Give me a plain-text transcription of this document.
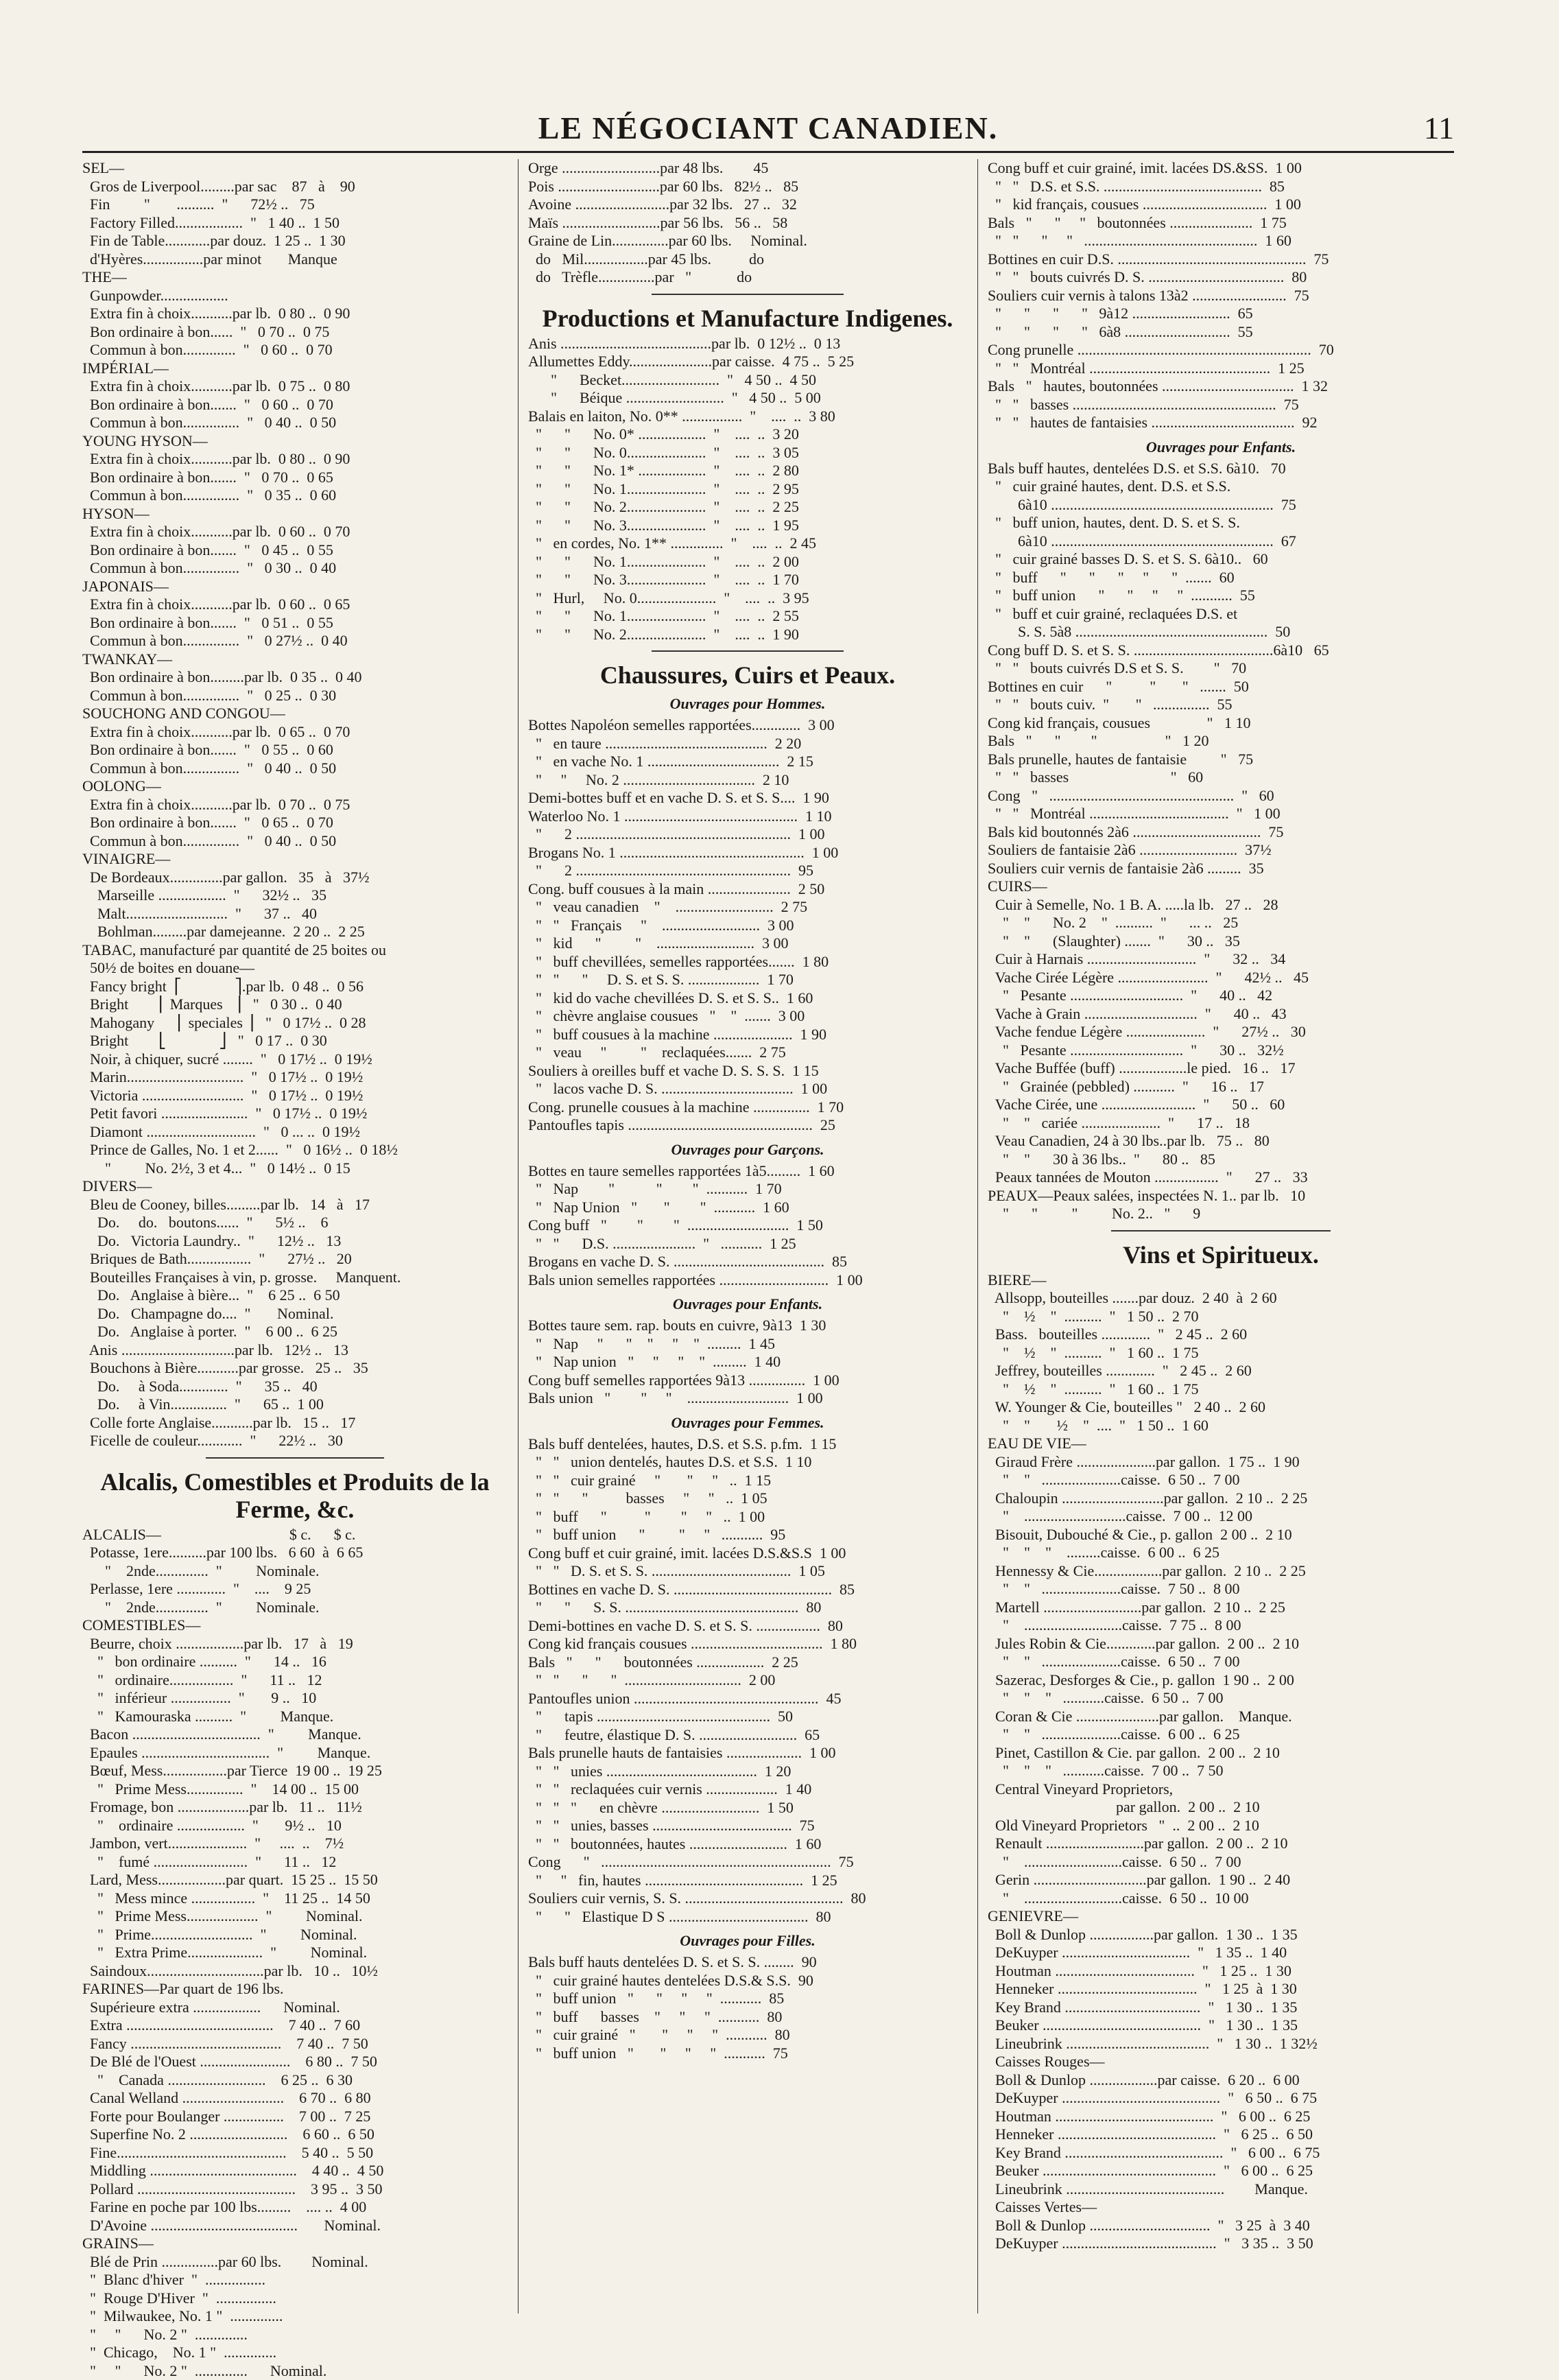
LE NÉGOCIANT CANADIEN.	11
SEL—
Gros de Liverpool.........par sac    87   à    90
Fin         "       ..........  "      72½ ..   75
Factory Filled..................  "   1 40 ..  1 50
Fin de Table............par douz.  1 25 ..  1 30
d'Hyères................par minot       Manque
THE—
Gunpowder..................
Extra fin à choix...........par lb.  0 80 ..  0 90
Bon ordinaire à bon......  "   0 70 ..  0 75
Commun à bon..............  "   0 60 ..  0 70
IMPÉRIAL—
Extra fin à choix...........par lb.  0 75 ..  0 80
Bon ordinaire à bon.......  "   0 60 ..  0 70
Commun à bon...............  "   0 40 ..  0 50
YOUNG HYSON—
Extra fin à choix...........par lb.  0 80 ..  0 90
Bon ordinaire à bon.......  "   0 70 ..  0 65
Commun à bon...............  "   0 35 ..  0 60
HYSON—
Extra fin à choix...........par lb.  0 60 ..  0 70
Bon ordinaire à bon.......  "   0 45 ..  0 55
Commun à bon...............  "   0 30 ..  0 40
JAPONAIS—
Extra fin à choix...........par lb.  0 60 ..  0 65
Bon ordinaire à bon.......  "   0 51 ..  0 55
Commun à bon...............  "   0 27½ ..  0 40
TWANKAY—
Bon ordinaire à bon.........par lb.  0 35 ..  0 40
Commun à bon...............  "   0 25 ..  0 30
SOUCHONG AND CONGOU—
Extra fin à choix...........par lb.  0 65 ..  0 70
Bon ordinaire à bon.......  "   0 55 ..  0 60
Commun à bon...............  "   0 40 ..  0 50
OOLONG—
Extra fin à choix...........par lb.  0 70 ..  0 75
Bon ordinaire à bon.......  "   0 65 ..  0 70
Commun à bon...............  "   0 40 ..  0 50
VINAIGRE—
De Bordeaux..............par gallon.   35   à   37½
Marseille ..................  "      32½ ..   35
Malt...........................  "      37 ..   40
Bohlman.........par damejeanne.  2 20 ..  2 25
TABAC, manufacturé par quantité de 25 boites ou
50½ de boites en douane—
Fancy bright  ⎡              ⎤.par lb.  0 48 ..  0 56
Bright        ⎢ Marques   ⎥   "   0 30 ..  0 40
Mahogany      ⎢ speciales ⎥   "   0 17½ ..  0 28
Bright        ⎣              ⎦   "   0 17 ..  0 30
Noir, à chiquer, sucré ........  "   0 17½ ..  0 19½
Marin...............................  "   0 17½ ..  0 19½
Victoria ...........................  "   0 17½ ..  0 19½
Petit favori .......................  "   0 17½ ..  0 19½
Diamont .............................  "   0 ... ..  0 19½
Prince de Galles, No. 1 et 2......  "   0 16½ ..  0 18½
"         No. 2½, 3 et 4...  "   0 14½ ..  0 15
DIVERS—
Bleu de Cooney, billes.........par lb.   14   à   17
Do.     do.   boutons......  "      5½ ..    6
Do.   Victoria Laundry..  "      12½ ..   13
Briques de Bath.................  "      27½ ..   20
Bouteilles Françaises à vin, p. grosse.     Manquent.
Do.   Anglaise à bière...  "    6 25 ..  6 50
Do.   Champagne do....  "       Nominal.
Do.   Anglaise à porter.  "    6 00 ..  6 25
Anis ..............................par lb.   12½ ..   13
Bouchons à Bière...........par grosse.   25 ..   35
Do.     à Soda.............  "      35 ..   40
Do.     à Vin...............  "      65 ..  1 00
Colle forte Anglaise...........par lb.   15 ..   17
Ficelle de couleur............  "      22½ ..   30
Alcalis, Comestibles et Produits de la Ferme, &c.
ALCALIS—                                  $ c.      $ c.
Potasse, 1ere..........par 100 lbs.   6 60  à  6 65
"    2nde..............  "         Nominale.
Perlasse, 1ere .............  "    ....    9 25
"    2nde..............  "         Nominale.
COMESTIBLES—
Beurre, choix ..................par lb.   17   à   19
"   bon ordinaire ..........  "      14 ..   16
"   ordinaire.................  "      11 ..   12
"   inférieur ................  "       9 ..   10
"   Kamouraska ..........  "         Manque.
Bacon ..................................  "         Manque.
Epaules ..................................  "         Manque.
Bœuf, Mess.................par Tierce  19 00 ..  19 25
"   Prime Mess...............  "    14 00 ..  15 00
Fromage, bon ...................par lb.   11 ..   11½
"    ordinaire ..................  "       9½ ..   10
Jambon, vert.....................  "     ....  ..    7½
"    fumé .........................  "      11 ..   12
Lard, Mess..................par quart.  15 25 ..  15 50
"   Mess mince .................  "    11 25 ..  14 50
"   Prime Mess...................  "         Nominal.
"   Prime...........................  "         Nominal.
"   Extra Prime....................  "         Nominal.
Saindoux...............................par lb.   10 ..   10½
FARINES—Par quart de 196 lbs.
Supérieure extra ..................      Nominal.
Extra .......................................    7 40 ..  7 60
Fancy ........................................    7 40 ..  7 50
De Blé de l'Ouest ........................    6 80 ..  7 50
"    Canada ..........................    6 25 ..  6 30
Canal Welland ...........................    6 70 ..  6 80
Forte pour Boulanger ................    7 00 ..  7 25
Superfine No. 2 ..........................    6 60 ..  6 50
Fine.............................................    5 40 ..  5 50
Middling .......................................    4 40 ..  4 50
Pollard ..........................................    3 95 ..  3 50
Farine en poche par 100 lbs.........    .... ..  4 00
D'Avoine .......................................       Nominal.
GRAINS—
Blé de Prin ...............par 60 lbs.        Nominal.
"  Blanc d'hiver  "  ................
"  Rouge D'Hiver  "  ................
"  Milwaukee, No. 1 "  ..............
"     "      No. 2 "  ..............
"  Chicago,    No. 1 "  ..............
"     "      No. 2 "  ..............      Nominal.
Orge ..........................par 48 lbs.        45
Pois ...........................par 60 lbs.   82½ ..   85
Avoine .........................par 32 lbs.   27 ..   32
Maïs ..........................par 56 lbs.   56 ..   58
Graine de Lin...............par 60 lbs.     Nominal.
do   Mil.................par 45 lbs.          do
do   Trèfle...............par   "            do
Productions et Manufacture Indigenes.
Anis ........................................par lb.  0 12½ ..  0 13
Allumettes Eddy......................par caisse.  4 75 ..  5 25
"      Becket..........................  "   4 50 ..  4 50
"      Béique ..........................  "   4 50 ..  5 00
Balais en laiton, No. 0** ................  "    ....  ..  3 80
"      "      No. 0* ..................  "    ....  ..  3 20
"      "      No. 0.....................  "    ....  ..  3 05
"      "      No. 1* ..................  "    ....  ..  2 80
"      "      No. 1.....................  "    ....  ..  2 95
"      "      No. 2.....................  "    ....  ..  2 25
"      "      No. 3.....................  "    ....  ..  1 95
"   en cordes, No. 1** ..............  "    ....  ..  2 45
"      "      No. 1.....................  "    ....  ..  2 00
"      "      No. 3.....................  "    ....  ..  1 70
"   Hurl,     No. 0.....................  "    ....  ..  3 95
"      "      No. 1.....................  "    ....  ..  2 55
"      "      No. 2.....................  "    ....  ..  1 90
Chaussures, Cuirs et Peaux.
Ouvrages pour Hommes.
Bottes Napoléon semelles rapportées.............  3 00
"   en taure ...........................................  2 20
"   en vache No. 1 ...................................  2 15
"     "     No. 2 ...................................  2 10
Demi-bottes buff et en vache D. S. et S. S....  1 90
Waterloo No. 1 ..............................................  1 10
"      2 .........................................................  1 00
Brogans No. 1 .................................................  1 00
"      2 .........................................................  95
Cong. buff cousues à la main ......................  2 50
"   veau canadien    "    ..........................  2 75
"   "   Français     "    ..........................  3 00
"   kid      "         "    ..........................  3 00
"   buff chevillées, semelles rapportées.......  1 80
"   "      "     D. S. et S. S. ...................  1 70
"   kid do vache chevillées D. S. et S. S..  1 60
"   chèvre anglaise cousues   "    "  .......  3 00
"   buff cousues à la machine .....................  1 90
"   veau     "         "    reclaquées.......  2 75
Souliers à oreilles buff et vache D. S. S. S.  1 15
"   lacos vache D. S. ...................................  1 00
Cong. prunelle cousues à la machine ...............  1 70
Pantoufles tapis .................................................  25
Ouvrages pour Garçons.
Bottes en taure semelles rapportées 1à5.........  1 60
"   Nap        "           "        "  ...........  1 70
"   Nap Union   "       "        "  ...........  1 60
Cong buff   "        "        "  ...........................  1 50
"   "      D.S. ......................  "   ...........  1 25
Brogans en vache D. S. ........................................  85
Bals union semelles rapportées .............................  1 00
Ouvrages pour Enfants.
Bottes taure sem. rap. bouts en cuivre, 9à13  1 30
"   Nap     "      "    "     "    "  .........  1 45
"   Nap union   "     "     "    "  .........  1 40
Cong buff semelles rapportées 9à13 ...............  1 00
Bals union   "        "     "    ...........................  1 00
Ouvrages pour Femmes.
Bals buff dentelées, hautes, D.S. et S.S. p.fm.  1 15
"   "   union dentelés, hautes D.S. et S.S.  1 10
"   "   cuir grainé     "       "     "   ..  1 15
"   "      "          basses     "     "   ..  1 05
"   buff      "          "        "     "   ..  1 00
"   buff union      "         "     "   ...........  95
Cong buff et cuir grainé, imit. lacées D.S.&S.S  1 00
"   "   D. S. et S. S. .....................................  1 05
Bottines en vache D. S. ..........................................  85
"      "      S. S. ..............................................  80
Demi-bottines en vache D. S. et S. S. .................  80
Cong kid français cousues ...................................  1 80
Bals   "      "      boutonnées ..................  2 25
"   "      "      "  ...............................  2 00
Pantoufles union .................................................  45
"      tapis ..............................................  50
"      feutre, élastique D. S. ..........................  65
Bals prunelle hauts de fantaisies ....................  1 00
"   "   unies ........................................  1 20
"   "   reclaquées cuir vernis ...................  1 40
"   "   "      en chèvre ..........................  1 50
"   "   unies, basses .....................................  75
"   "   boutonnées, hautes ..........................  1 60
Cong      "   .............................................................  75
"     "   fin, hautes ..........................................  1 25
Souliers cuir vernis, S. S. ..........................................  80
"      "   Elastique D S .....................................  80
Ouvrages pour Filles.
Bals buff hauts dentelées D. S. et S. S. ........  90
"   cuir grainé hautes dentelées D.S.& S.S.  90
"   buff union   "      "     "     "  ...........  85
"   buff      basses    "     "     "  ...........  80
"   cuir grainé   "       "     "     "  ...........  80
"   buff union   "       "     "     "  ...........  75
Cong buff et cuir grainé, imit. lacées DS.&SS.  1 00
"   "   D.S. et S.S. ..........................................  85
"   kid français, cousues .................................  1 00
Bals   "      "     "   boutonnées ......................  1 75
"   "      "     "   ..............................................  1 60
Bottines en cuir D.S. ..................................................  75
"   "   bouts cuivrés D. S. ....................................  80
Souliers cuir vernis à talons 13à2 .........................  75
"      "      "      "   9à12 ..........................  65
"      "      "      "   6à8 ............................  55
Cong prunelle ..............................................................  70
"   "   Montréal ................................................  1 25
Bals   "   hautes, boutonnées ...................................  1 32
"   "   basses ......................................................  75
"   "   hautes de fantaisies ......................................  92
Ouvrages pour Enfants.
Bals buff hautes, dentelées D.S. et S.S. 6à10.   70
"   cuir grainé hautes, dent. D.S. et S.S.
6à10 ...........................................................  75
"   buff union, hautes, dent. D. S. et S. S.
6à10 ...........................................................  67
"   cuir grainé basses D. S. et S. S. 6à10..   60
"   buff      "      "      "     "      "  .......  60
"   buff union      "      "     "     "  ...........  55
"   buff et cuir grainé, reclaquées D.S. et
S. S. 5à8 ...................................................  50
Cong buff D. S. et S. S. .....................................6à10   65
"   "   bouts cuivrés D.S et S. S.        "   70
Bottines en cuir      "          "       "   .......  50
"   "   bouts cuiv.  "       "   ...............  55
Cong kid français, cousues               "   1 10
Bals   "      "        "                  "   1 20
Bals prunelle, hautes de fantaisie         "   75
"   "   basses                           "   60
Cong   "   .................................................  "   60
"   "   Montréal .....................................  "   1 00
Bals kid boutonnés 2à6 ..................................  75
Souliers de fantaisie 2à6 ..........................  37½
Souliers cuir vernis de fantaisie 2à6 .........  35
CUIRS—
Cuir à Semelle, No. 1 B. A. .....la lb.   27 ..   28
"    "      No. 2    "  ..........  "      ... ..   25
"    "      (Slaughter) .......  "      30 ..   35
Cuir à Harnais .............................  "      32 ..   34
Vache Cirée Légère ........................  "      42½ ..   45
"   Pesante ..............................  "      40 ..   42
Vache à Grain ..............................  "      40 ..   43
Vache fendue Légère .....................  "      27½ ..   30
"   Pesante ..............................  "      30 ..   32½
Vache Buffée (buff) ..................le pied.   16 ..   17
"   Grainée (pebbled) ...........  "      16 ..   17
Vache Cirée, une .........................  "      50 ..   60
"    "   cariée .....................  "      17 ..   18
Veau Canadien, 24 à 30 lbs..par lb.   75 ..   80
"    "      30 à 36 lbs..  "      80 ..   85
Peaux tannées de Mouton .................  "      27 ..   33
PEAUX—Peaux salées, inspectées N. 1.. par lb.   10
"      "         "         No. 2..   "      9
Vins et Spiritueux.
BIERE—
Allsopp, bouteilles .......par douz.  2 40  à  2 60
"    ½    "  ..........  "   1 50 ..  2 70
Bass.   bouteilles .............  "   2 45 ..  2 60
"    ½    "  ..........  "   1 60 ..  1 75
Jeffrey, bouteilles .............  "   2 45 ..  2 60
"    ½    "  ..........  "   1 60 ..  1 75
W. Younger & Cie, bouteilles "   2 40 ..  2 60
"    "       ½    "  ....  "   1 50 ..  1 60
EAU DE VIE—
Giraud Frère .....................par gallon.  1 75 ..  1 90
"    "   .....................caisse.  6 50 ..  7 00
Chaloupin ...........................par gallon.  2 10 ..  2 25
"    ...........................caisse.  7 00 ..  12 00
Bisouit, Dubouché & Cie., p. gallon  2 00 ..  2 10
"    "    "    .........caisse.  6 00 ..  6 25
Hennessy & Cie..................par gallon.  2 10 ..  2 25
"    "   .....................caisse.  7 50 ..  8 00
Martell ..........................par gallon.  2 10 ..  2 25
"    ..........................caisse.  7 75 ..  8 00
Jules Robin & Cie.............par gallon.  2 00 ..  2 10
"    "   .....................caisse.  6 50 ..  7 00
Sazerac, Desforges & Cie., p. gallon  1 90 ..  2 00
"    "    "   ...........caisse.  6 50 ..  7 00
Coran & Cie ......................par gallon.    Manque.
"    "   .....................caisse.  6 00 ..  6 25
Pinet, Castillon & Cie. par gallon.  2 00 ..  2 10
"    "    "   ...........caisse.  7 00 ..  7 50
Central Vineyard Proprietors,
par gallon.  2 00 ..  2 10
Old Vineyard Proprietors   "  ..  2 00 ..  2 10
Renault ..........................par gallon.  2 00 ..  2 10
"    ..........................caisse.  6 50 ..  7 00
Gerin ..............................par gallon.  1 90 ..  2 40
"    ..........................caisse.  6 50 ..  10 00
GENIEVRE—
Boll & Dunlop .................par gallon.  1 30 ..  1 35
DeKuyper ..................................  "   1 35 ..  1 40
Houtman .....................................  "   1 25 ..  1 30
Henneker .....................................  "   1 25  à  1 30
Key Brand ....................................  "   1 30 ..  1 35
Beuker ..........................................  "   1 30 ..  1 35
Lineubrink ......................................  "   1 30 ..  1 32½
Caisses Rouges—
Boll & Dunlop ..................par caisse.  6 20 ..  6 00
DeKuyper ..........................................  "   6 50 ..  6 75
Houtman ..........................................  "   6 00 ..  6 25
Henneker ..........................................  "   6 25 ..  6 50
Key Brand ..........................................  "   6 00 ..  6 75
Beuker ..............................................  "   6 00 ..  6 25
Lineubrink ..........................................        Manque.
Caisses Vertes—
Boll & Dunlop ................................  "   3 25  à  3 40
DeKuyper .........................................  "   3 35 ..  3 50
